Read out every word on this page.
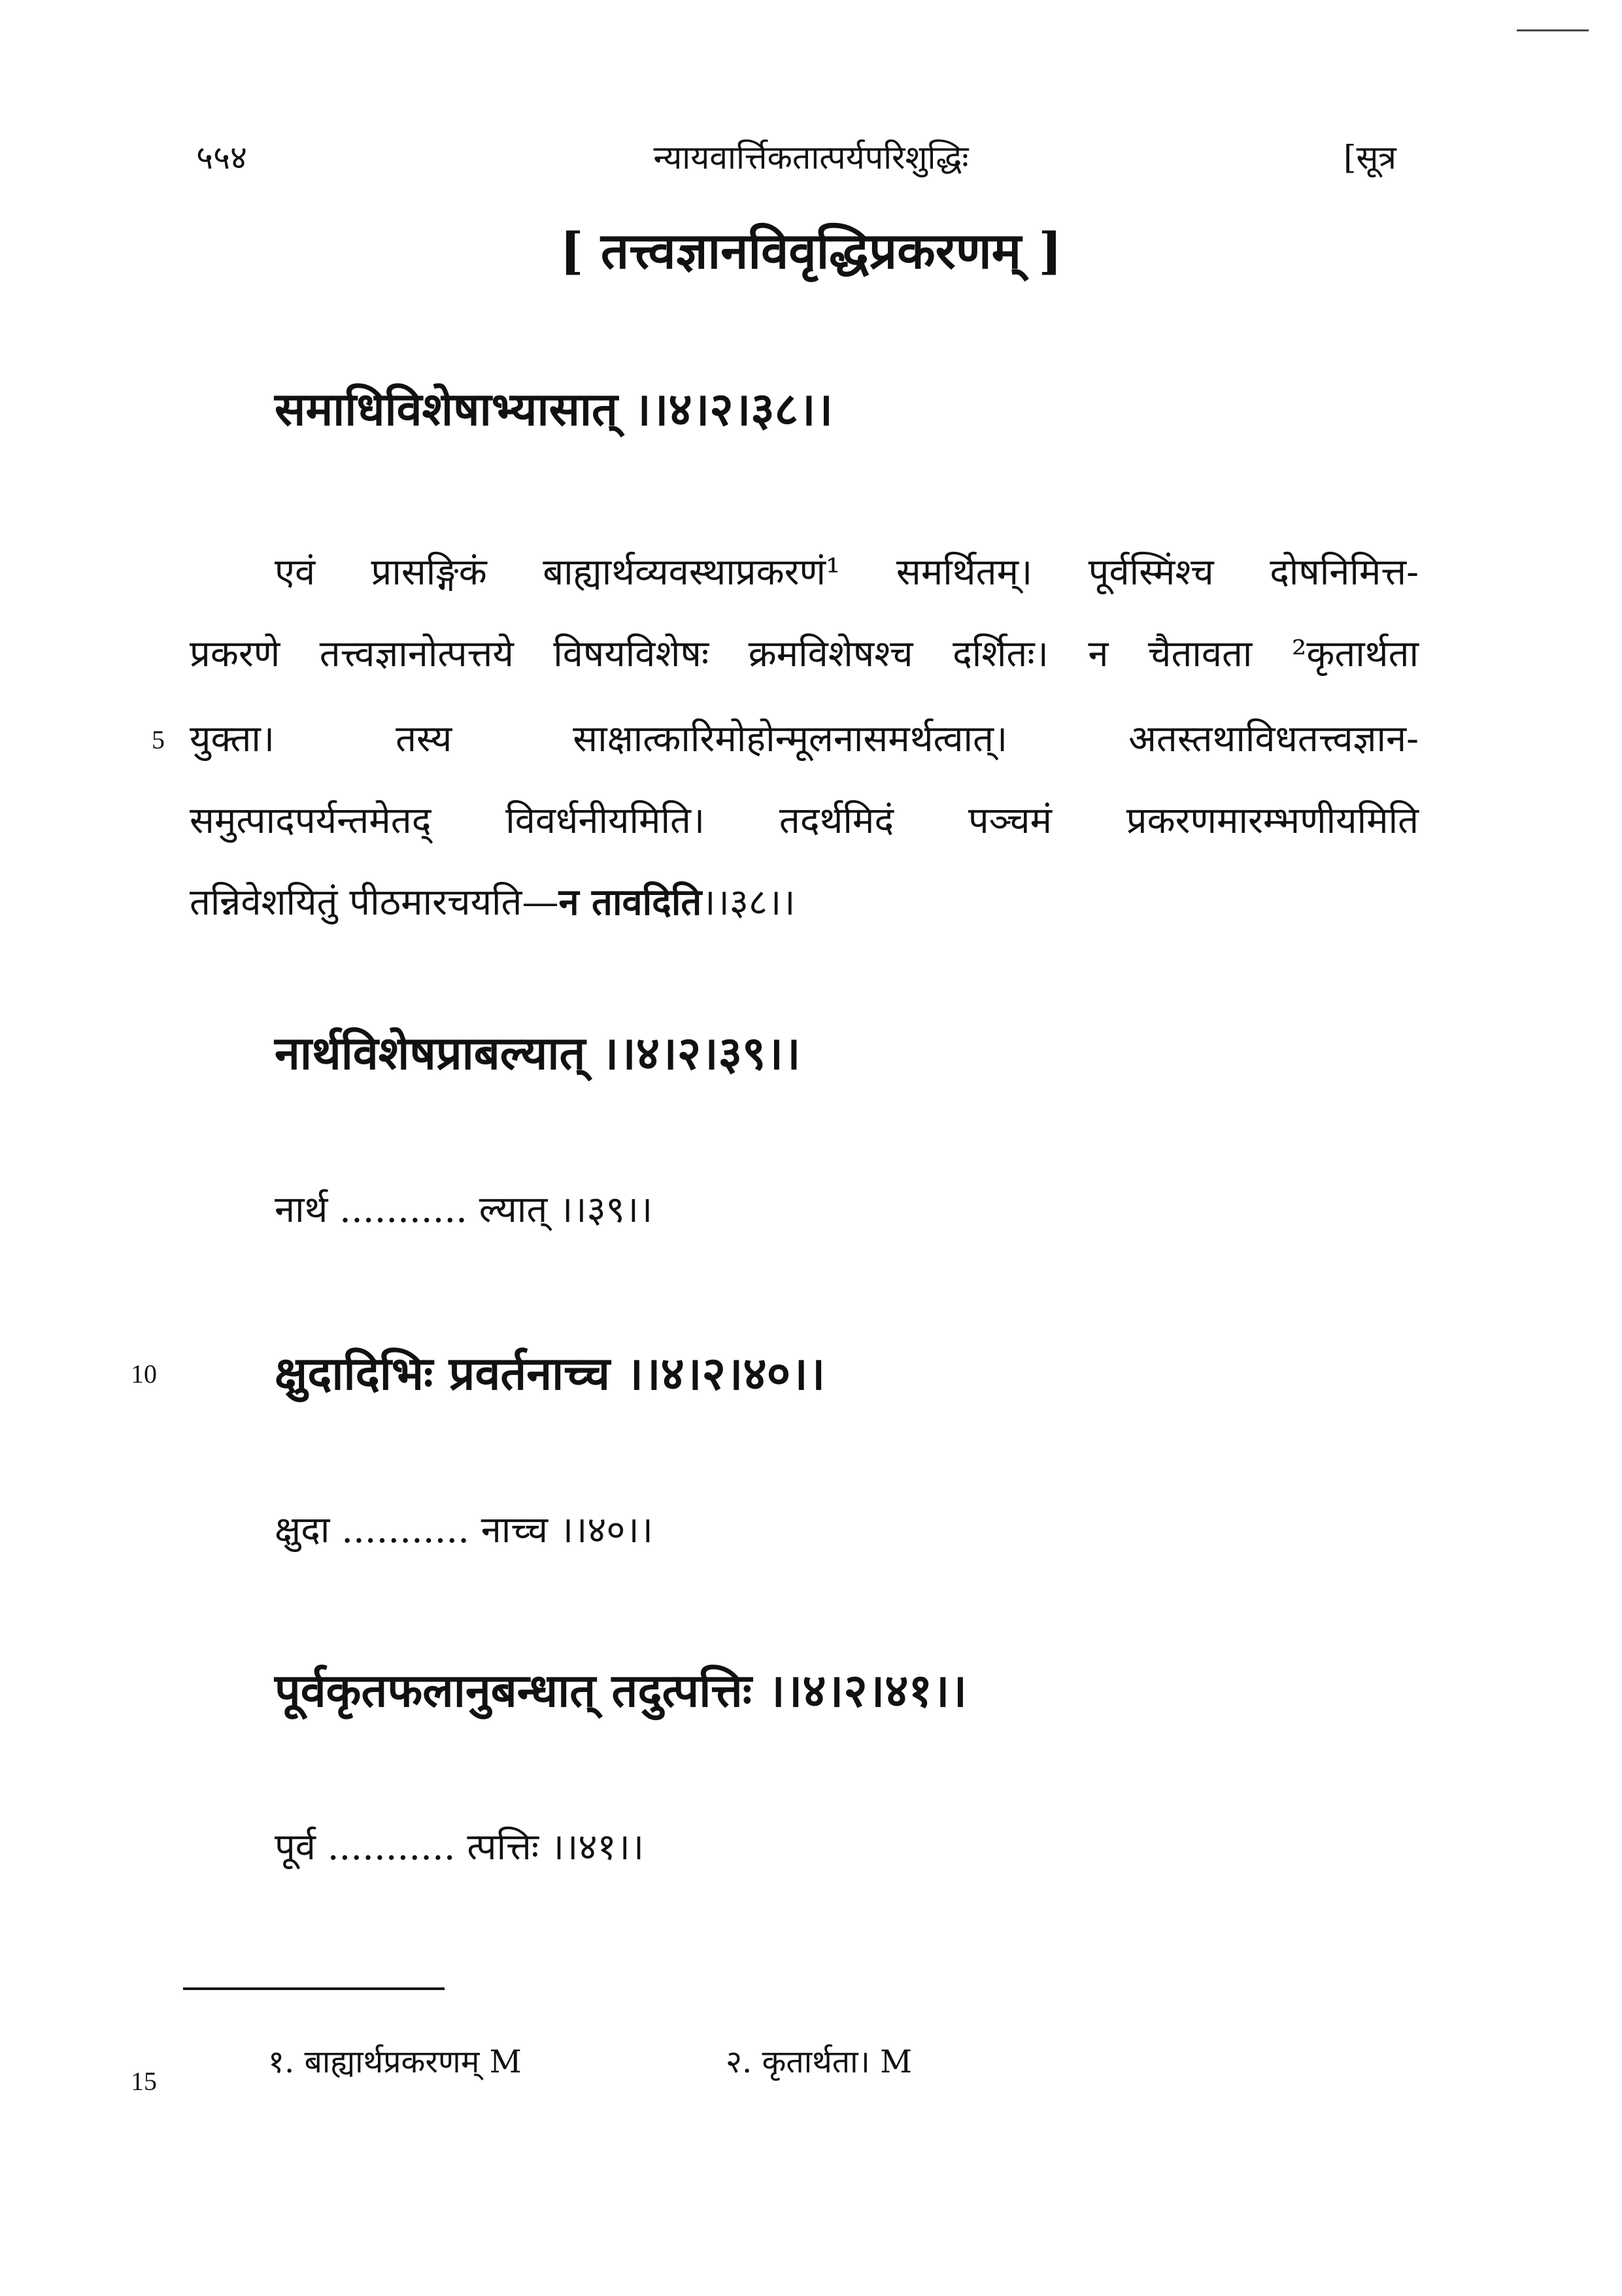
५५४	न्यायवार्त्तिकतात्पर्यपरिशुद्धिः	[सूत्र
[ तत्त्वज्ञानविवृद्धिप्रकरणम् ]
समाधिविशेषाभ्यासात् ।।४।२।३८।।
एवं प्रासङ्गिकं बाह्यार्थव्यवस्थाप्रकरणं¹ समर्थितम्। पूर्वस्मिंश्च दोषनिमित्त-
प्रकरणे तत्त्वज्ञानोत्पत्तये विषयविशेषः क्रमविशेषश्च दर्शितः। न चैतावता ²कृतार्थता
5 युक्ता। तस्य साक्षात्कारिमोहोन्मूलनासमर्थत्वात्। अतस्तथाविधतत्त्वज्ञान-
समुत्पादपर्यन्तमेतद् विवर्धनीयमिति। तदर्थमिदं पञ्चमं प्रकरणमारम्भणीयमिति
तन्निवेशयितुं पीठमारचयति—न तावदिति।।३८।।
नार्थविशेषप्राबल्यात् ।।४।२।३९।।
नार्थ ........... ल्यात् ।।३९।।
10	क्षुदादिभिः प्रवर्तनाच्च ।।४।२।४०।।
क्षुदा ........... नाच्च ।।४०।।
पूर्वकृतफलानुबन्धात् तदुत्पत्तिः ।।४।२।४१।।
पूर्व ........... त्पत्तिः ।।४१।।
१. बाह्यार्थप्रकरणम् M	२. कृतार्थता। M
15
